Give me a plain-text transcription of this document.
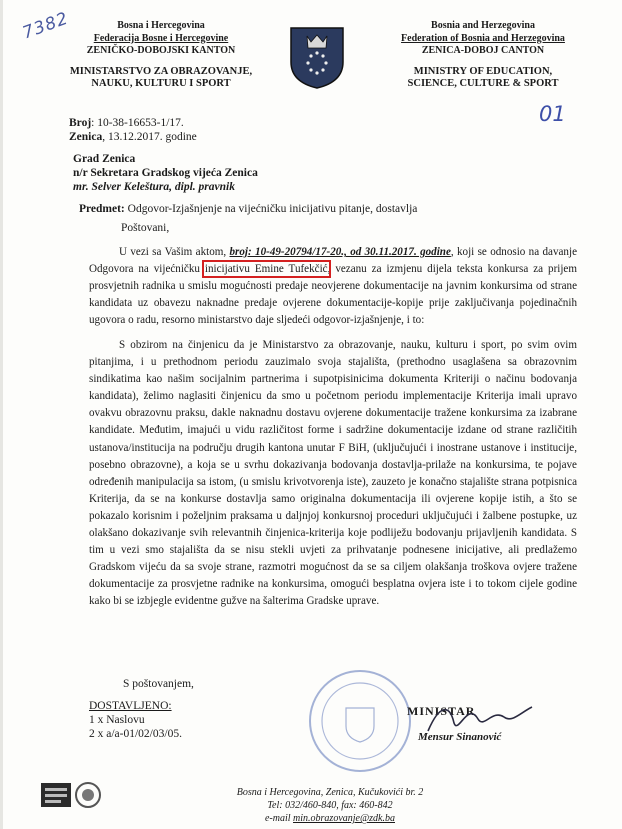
7382
01
Bosna i Hercegovina
Federacija Bosne i Hercegovine
ZENIČKO-DOBOJSKI KANTON
MINISTARSTVO ZA OBRAZOVANJE,
NAUKU, KULTURU I SPORT
Bosnia and Herzegovina
Federation of Bosnia and Herzegovina
ZENICA-DOBOJ CANTON
MINISTRY OF EDUCATION,
SCIENCE, CULTURE & SPORT
Broj: 10-38-16653-1/17.
Zenica, 13.12.2017. godine
Grad Zenica
n/r Sekretara Gradskog vijeća Zenica
mr. Selver Keleštura, dipl. pravnik
Predmet: Odgovor-Izjašnjenje na vijećničku inicijativu pitanje, dostavlja
Poštovani,

U vezi sa Vašim aktom, broj: 10-49-20794/17-20., od 30.11.2017. godine, koji se odnosio na davanje Odgovora na vijećničku inicijativu Emine Tufekčić, vezanu za izmjenu dijela teksta konkursa za prijem prosvjetnih radnika u smislu mogućnosti predaje neovjerene dokumentacije na javnim konkursima od strane kandidata uz obavezu naknadne predaje ovjerene dokumentacije-kopije prije zaključivanja pojedinačnih ugovora o radu, resorno ministarstvo daje sljedeći odgovor-izjašnjenje, i to:

S obzirom na činjenicu da je Ministarstvo za obrazovanje, nauku, kulturu i sport, po svim ovim pitanjima, i u prethodnom periodu zauzimalo svoja stajališta, (prethodno usaglašena sa obrazovnim sindikatima kao našim socijalnim partnerima i supotpisinicima dokumenta Kriteriji o načinu bodovanja kandidata), želimo naglasiti činjenicu da smo u početnom periodu implementacije Kriterija imali upravo ovakvu obrazovnu praksu, dakle naknadnu dostavu ovjerene dokumentacije tražene konkursima za izabrane kandidate. Međutim, imajući u vidu različitost forme i sadržine dokumentacije izdane od strane različitih ustanova/institucija na području drugih kantona unutar F BiH, (uključujući i inostrane ustanove i institucije, posebno obrazovne), a koja se u svrhu dokazivanja bodovanja dostavlja-prilaže na konkursima, te pojave određenih manipulacija sa istom, (u smislu krivotvorenja iste), zauzeto je konačno stajalište strana potpisnica Kriterija, da se na konkurse dostavlja samo originalna dokumentacija ili ovjerene kopije istih, a što se pokazalo korisnim i poželjnim praksama u daljnjoj konkursnoj proceduri uključujući i žalbene postupke, uz olakšano dokazivanje svih relevantnih činjenica-kriterija koje podliježu bodovanju prijavljenih kandidata. S tim u vezi smo stajališta da se nisu stekli uvjeti za prihvatanje podnesene inicijative, ali predlažemo Gradskom vijeću da sa svoje strane, razmotri mogućnost da se sa ciljem olakšanja troškova ovjere tražene dokumentacije za prosvjetne radnike na konkursima, omogući besplatna ovjera iste i to tokom cijele godine kako bi se izbjegle evidentne gužve na šalterima Gradske uprave.

S poštovanjem,
DOSTAVLJENO:
1 x Naslovu
2 x a/a-01/02/03/05.
MINISTAR
Mensur Sinanović
Bosna i Hercegovina, Zenica, Kučukovići br. 2
Tel: 032/460-840, fax: 460-842
e-mail min.obrazovanje@zdk.ba
